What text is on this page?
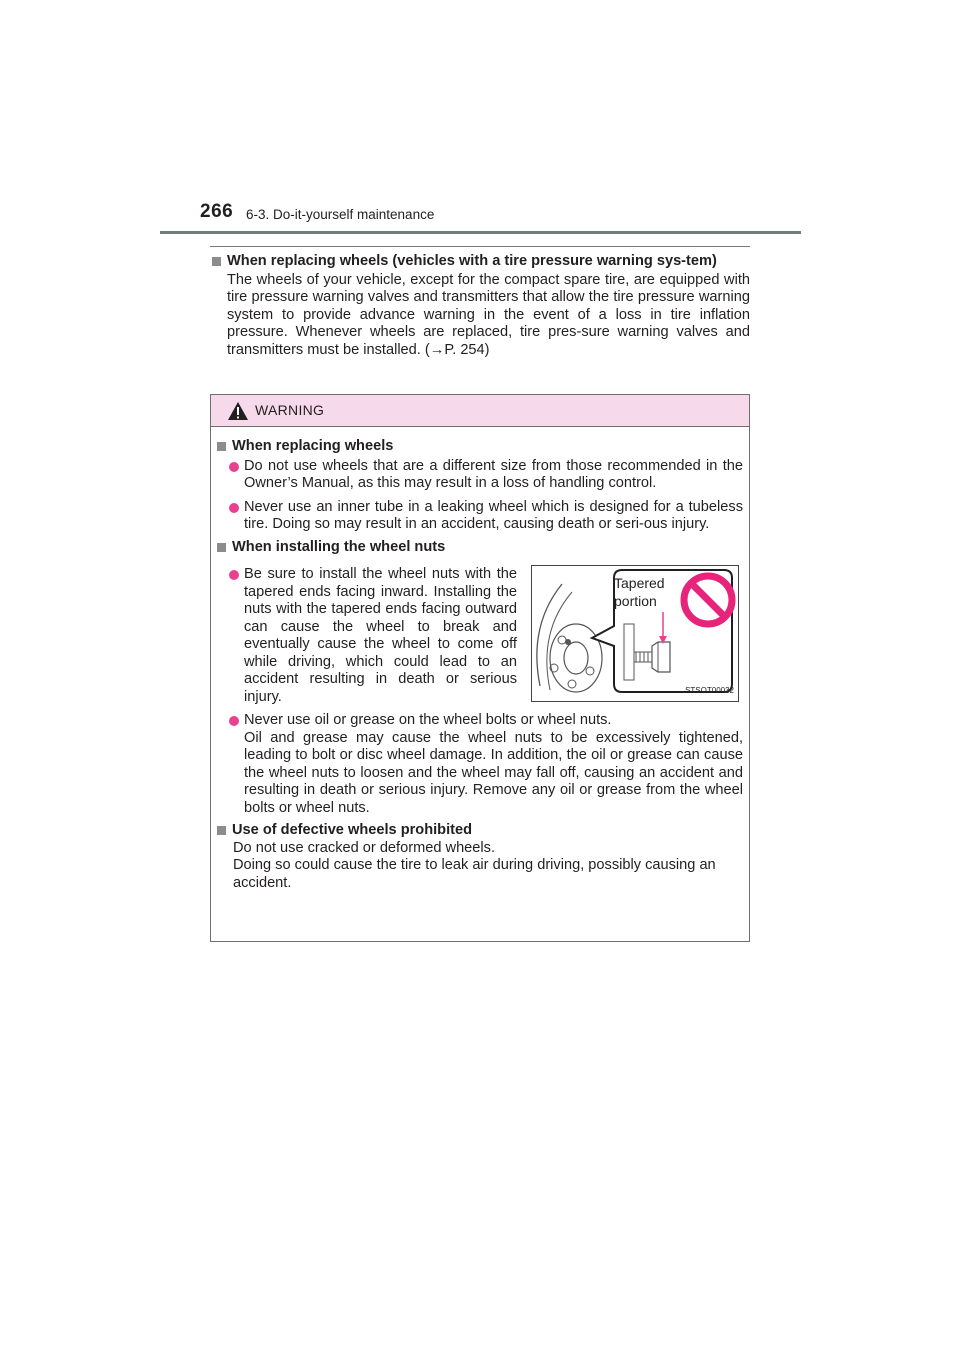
266 6-3. Do-it-yourself maintenance
When replacing wheels (vehicles with a tire pressure warning sys-tem)
The wheels of your vehicle, except for the compact spare tire, are equipped with tire pressure warning valves and transmitters that allow the tire pressure warning system to provide advance warning in the event of a loss in tire inflation pressure. Whenever wheels are replaced, tire pres-sure warning valves and transmitters must be installed. (→P. 254)
WARNING
When replacing wheels
Do not use wheels that are a different size from those recommended in the Owner’s Manual, as this may result in a loss of handling control.
Never use an inner tube in a leaking wheel which is designed for a tubeless tire. Doing so may result in an accident, causing death or seri-ous injury.
When installing the wheel nuts
Be sure to install the wheel nuts with the tapered ends facing inward. Installing the nuts with the tapered ends facing outward can cause the wheel to break and eventually cause the wheel to come off while driving, which could lead to an accident resulting in death or serious injury.
Tapered
portion
STSOT00032
Never use oil or grease on the wheel bolts or wheel nuts.
Oil and grease may cause the wheel nuts to be excessively tightened, leading to bolt or disc wheel damage. In addition, the oil or grease can cause the wheel nuts to loosen and the wheel may fall off, causing an accident and resulting in death or serious injury. Remove any oil or grease from the wheel bolts or wheel nuts.
Use of defective wheels prohibited
Do not use cracked or deformed wheels.
Doing so could cause the tire to leak air during driving, possibly causing an accident.
